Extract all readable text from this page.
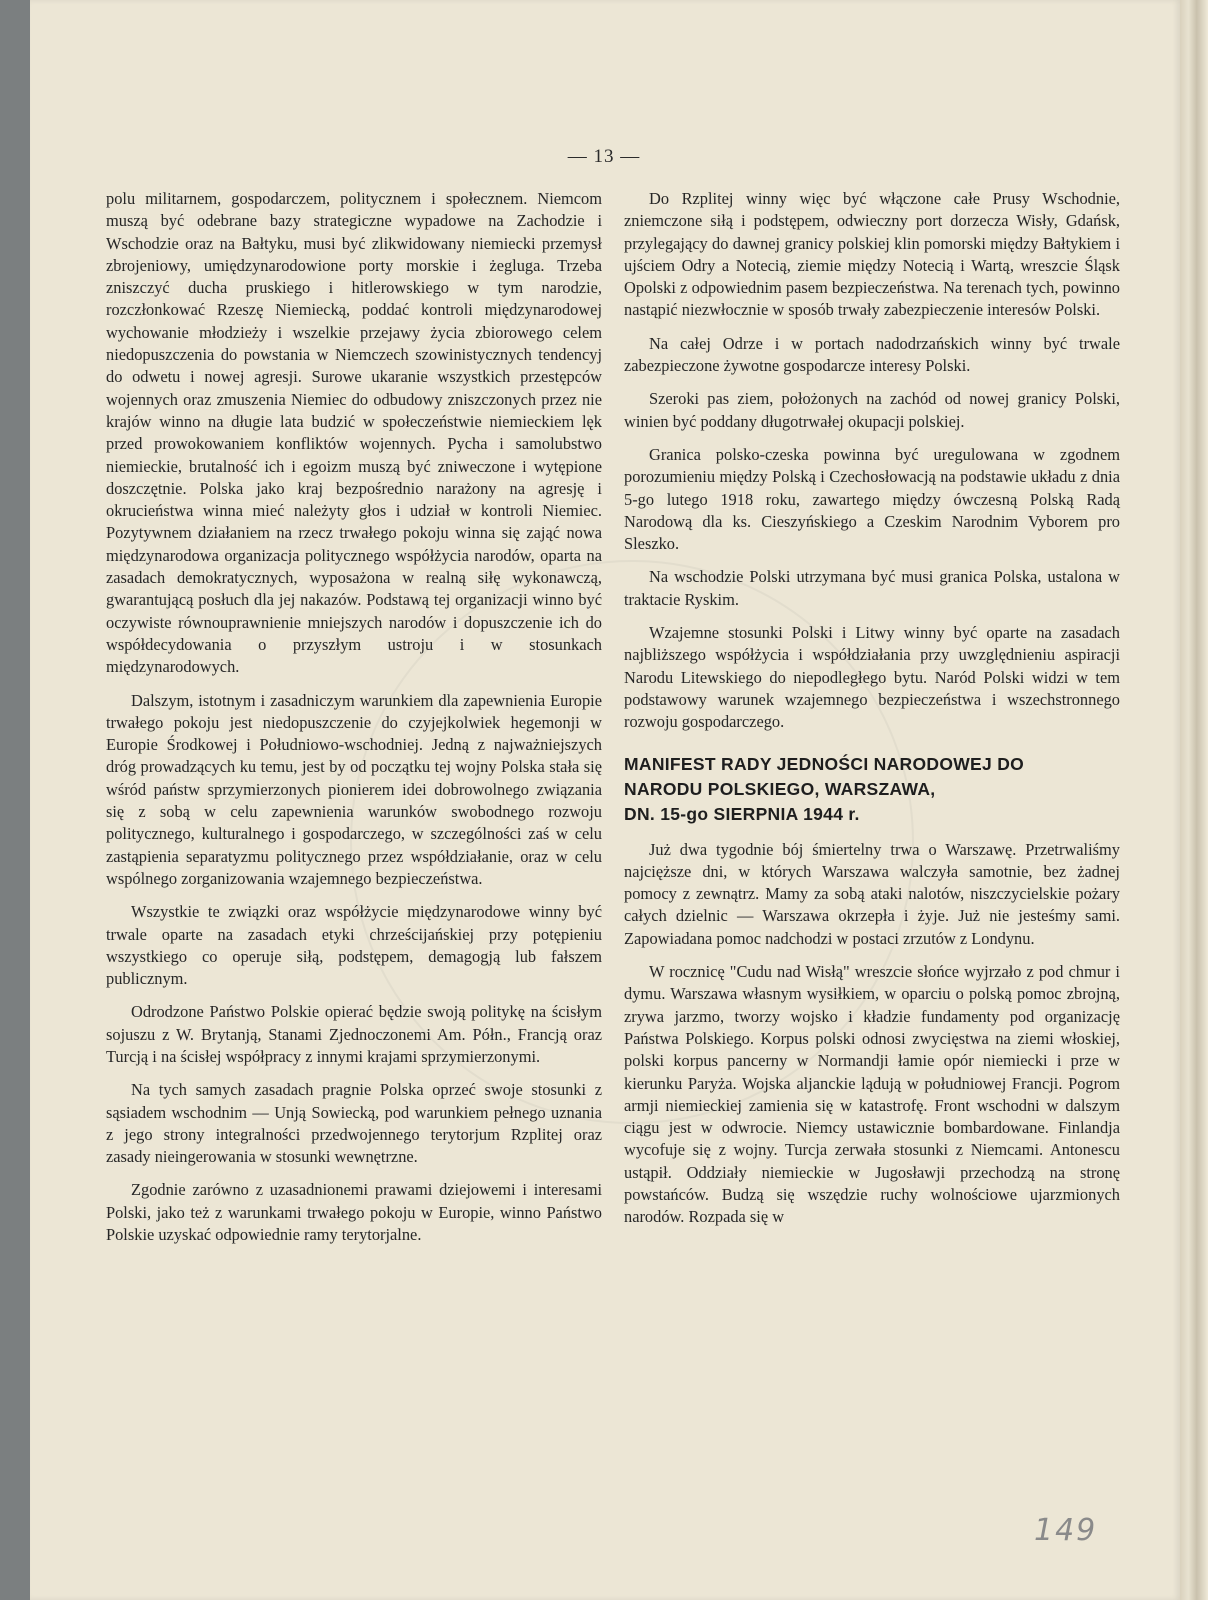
— 13 —

polu militarnem, gospodarczem, politycznem i społecznem. Niemcom muszą być odebrane bazy strategiczne wypadowe na Zachodzie i Wschodzie oraz na Bałtyku, musi być zlikwidowany niemiecki przemysł zbrojeniowy, umiędzynarodowione porty morskie i żegluga. Trzeba zniszczyć ducha pruskiego i hitlerowskiego w tym narodzie, rozczłonkować Rzeszę Niemiecką, poddać kontroli międzynarodowej wychowanie młodzieży i wszelkie przejawy życia zbiorowego celem niedopuszczenia do powstania w Niemczech szowinistycznych tendencyj do odwetu i nowej agresji. Surowe ukaranie wszystkich przestępców wojennych oraz zmuszenia Niemiec do odbudowy zniszczonych przez nie krajów winno na długie lata budzić w społeczeństwie niemieckiem lęk przed prowokowaniem konfliktów wojennych. Pycha i samolubstwo niemieckie, brutalność ich i egoizm muszą być zniweczone i wytępione doszczętnie. Polska jako kraj bezpośrednio narażony na agresję i okrucieństwa winna mieć należyty głos i udział w kontroli Niemiec. Pozytywnem działaniem na rzecz trwałego pokoju winna się zająć nowa międzynarodowa organizacja politycznego współżycia narodów, oparta na zasadach demokratycznych, wyposażona w realną siłę wykonawczą, gwarantującą posłuch dla jej nakazów. Podstawą tej organizacji winno być oczywiste równouprawnienie mniejszych narodów i dopuszczenie ich do współdecydowania o przyszłym ustroju i w stosunkach międzynarodowych.

Dalszym, istotnym i zasadniczym warunkiem dla zapewnienia Europie trwałego pokoju jest niedopuszczenie do czyjejkolwiek hegemonji w Europie Środkowej i Południowo-wschodniej. Jedną z najważniejszych dróg prowadzących ku temu, jest by od początku tej wojny Polska stała się wśród państw sprzymierzonych pionierem idei dobrowolnego związania się z sobą w celu zapewnienia warunków swobodnego rozwoju politycznego, kulturalnego i gospodarczego, w szczególności zaś w celu zastąpienia separatyzmu politycznego przez współdziałanie, oraz w celu wspólnego zorganizowania wzajemnego bezpieczeństwa.

Wszystkie te związki oraz współżycie międzynarodowe winny być trwale oparte na zasadach etyki chrześcijańskiej przy potępieniu wszystkiego co operuje siłą, podstępem, demagogją lub fałszem publicznym.

Odrodzone Państwo Polskie opierać będzie swoją politykę na ścisłym sojuszu z W. Brytanją, Stanami Zjednoczonemi Am. Półn., Francją oraz Turcją i na ścisłej współpracy z innymi krajami sprzymierzonymi.

Na tych samych zasadach pragnie Polska oprzeć swoje stosunki z sąsiadem wschodnim — Unją Sowiecką, pod warunkiem pełnego uznania z jego strony integralności przedwojennego terytorjum Rzplitej oraz zasady nieingerowania w stosunki wewnętrzne.

Zgodnie zarówno z uzasadnionemi prawami dziejowemi i interesami Polski, jako też z warunkami trwałego pokoju w Europie, winno Państwo Polskie uzyskać odpowiednie ramy terytorjalne.

Do Rzplitej winny więc być włączone całe Prusy Wschodnie, zniemczone siłą i podstępem, odwieczny port dorzecza Wisły, Gdańsk, przylegający do dawnej granicy polskiej klin pomorski między Bałtykiem i ujściem Odry a Notecią, ziemie między Notecią i Wartą, wreszcie Śląsk Opolski z odpowiednim pasem bezpieczeństwa. Na terenach tych, powinno nastąpić niezwłocznie w sposób trwały zabezpieczenie interesów Polski.

Na całej Odrze i w portach nadodrzańskich winny być trwale zabezpieczone żywotne gospodarcze interesy Polski.

Szeroki pas ziem, położonych na zachód od nowej granicy Polski, winien być poddany długotrwałej okupacji polskiej.

Granica polsko-czeska powinna być uregulowana w zgodnem porozumieniu między Polską i Czechosłowacją na podstawie układu z dnia 5-go lutego 1918 roku, zawartego między ówczesną Polską Radą Narodową dla ks. Cieszyńskiego a Czeskim Narodnim Vyborem pro Sleszko.

Na wschodzie Polski utrzymana być musi granica Polska, ustalona w traktacie Ryskim.

Wzajemne stosunki Polski i Litwy winny być oparte na zasadach najbliższego współżycia i współdziałania przy uwzględnieniu aspiracji Narodu Litewskiego do niepodległego bytu. Naród Polski widzi w tem podstawowy warunek wzajemnego bezpieczeństwa i wszechstronnego rozwoju gospodarczego.

MANIFEST RADY JEDNOŚCI NARODOWEJ DO
NARODU POLSKIEGO, WARSZAWA,
DN. 15-go SIERPNIA 1944 r.

Już dwa tygodnie bój śmiertelny trwa o Warszawę. Przetrwaliśmy najcięższe dni, w których Warszawa walczyła samotnie, bez żadnej pomocy z zewnątrz. Mamy za sobą ataki nalotów, niszczycielskie pożary całych dzielnic — Warszawa okrzepła i żyje. Już nie jesteśmy sami. Zapowiadana pomoc nadchodzi w postaci zrzutów z Londynu.

W rocznicę "Cudu nad Wisłą" wreszcie słońce wyjrzało z pod chmur i dymu. Warszawa własnym wysiłkiem, w oparciu o polską pomoc zbrojną, zrywa jarzmo, tworzy wojsko i kładzie fundamenty pod organizację Państwa Polskiego. Korpus polski odnosi zwycięstwa na ziemi włoskiej, polski korpus pancerny w Normandji łamie opór niemiecki i prze w kierunku Paryża. Wojska aljanckie lądują w południowej Francji. Pogrom armji niemieckiej zamienia się w katastrofę. Front wschodni w dalszym ciągu jest w odwrocie. Niemcy ustawicznie bombardowane. Finlandja wycofuje się z wojny. Turcja zerwała stosunki z Niemcami. Antonescu ustąpił. Oddziały niemieckie w Jugosławji przechodzą na stronę powstańców. Budzą się wszędzie ruchy wolnościowe ujarzmionych narodów. Rozpada się w

149
